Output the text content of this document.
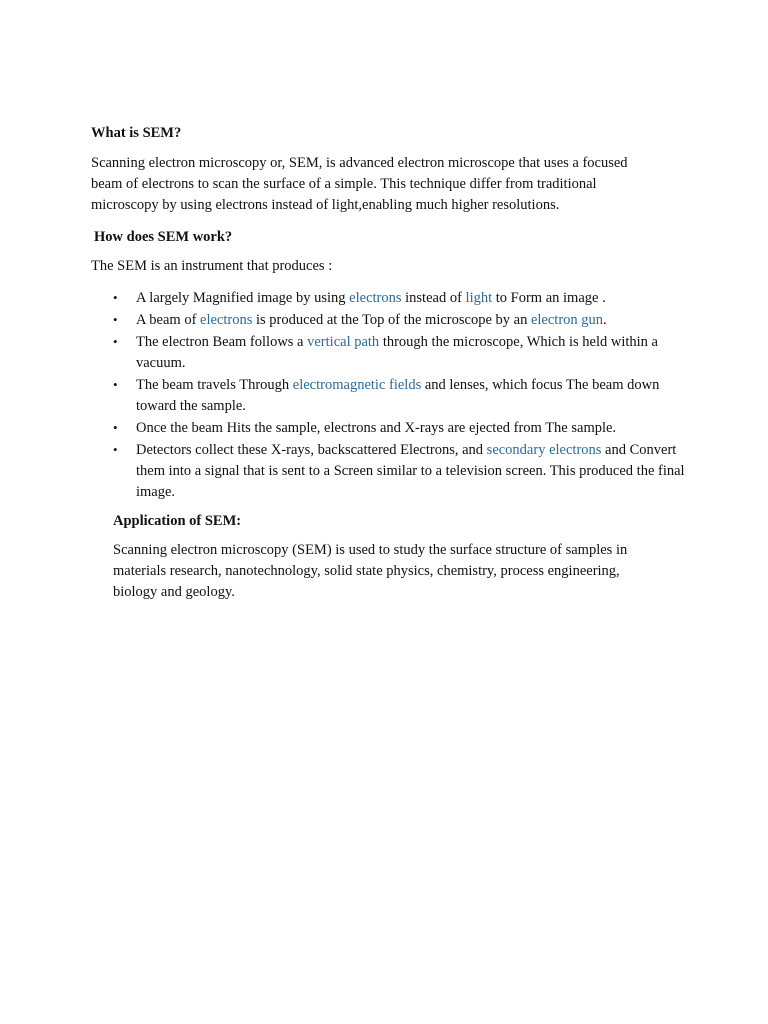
What is SEM?

Scanning electron microscopy or, SEM, is advanced electron microscope that uses a focused beam of electrons to scan the surface of a simple. This technique differ from traditional microscopy by using electrons instead of light,enabling much higher resolutions.

How does SEM work?

The SEM is an instrument that produces :

• A largely Magnified image by using electrons instead of light to Form an image .
• A beam of electrons is produced at the Top of the microscope by an electron gun.
• The electron Beam follows a vertical path through the microscope, Which is held within a vacuum.
• The beam travels Through electromagnetic fields and lenses, which focus The beam down toward the sample.
• Once the beam Hits the sample, electrons and X-rays are ejected from The sample.
• Detectors collect these X-rays, backscattered Electrons, and secondary electrons and Convert them into a signal that is sent to a Screen similar to a television screen. This produced the final image.
Application of SEM:

Scanning electron microscopy (SEM) is used to study the surface structure of samples in materials research, nanotechnology, solid state physics, chemistry, process engineering, biology and geology.
